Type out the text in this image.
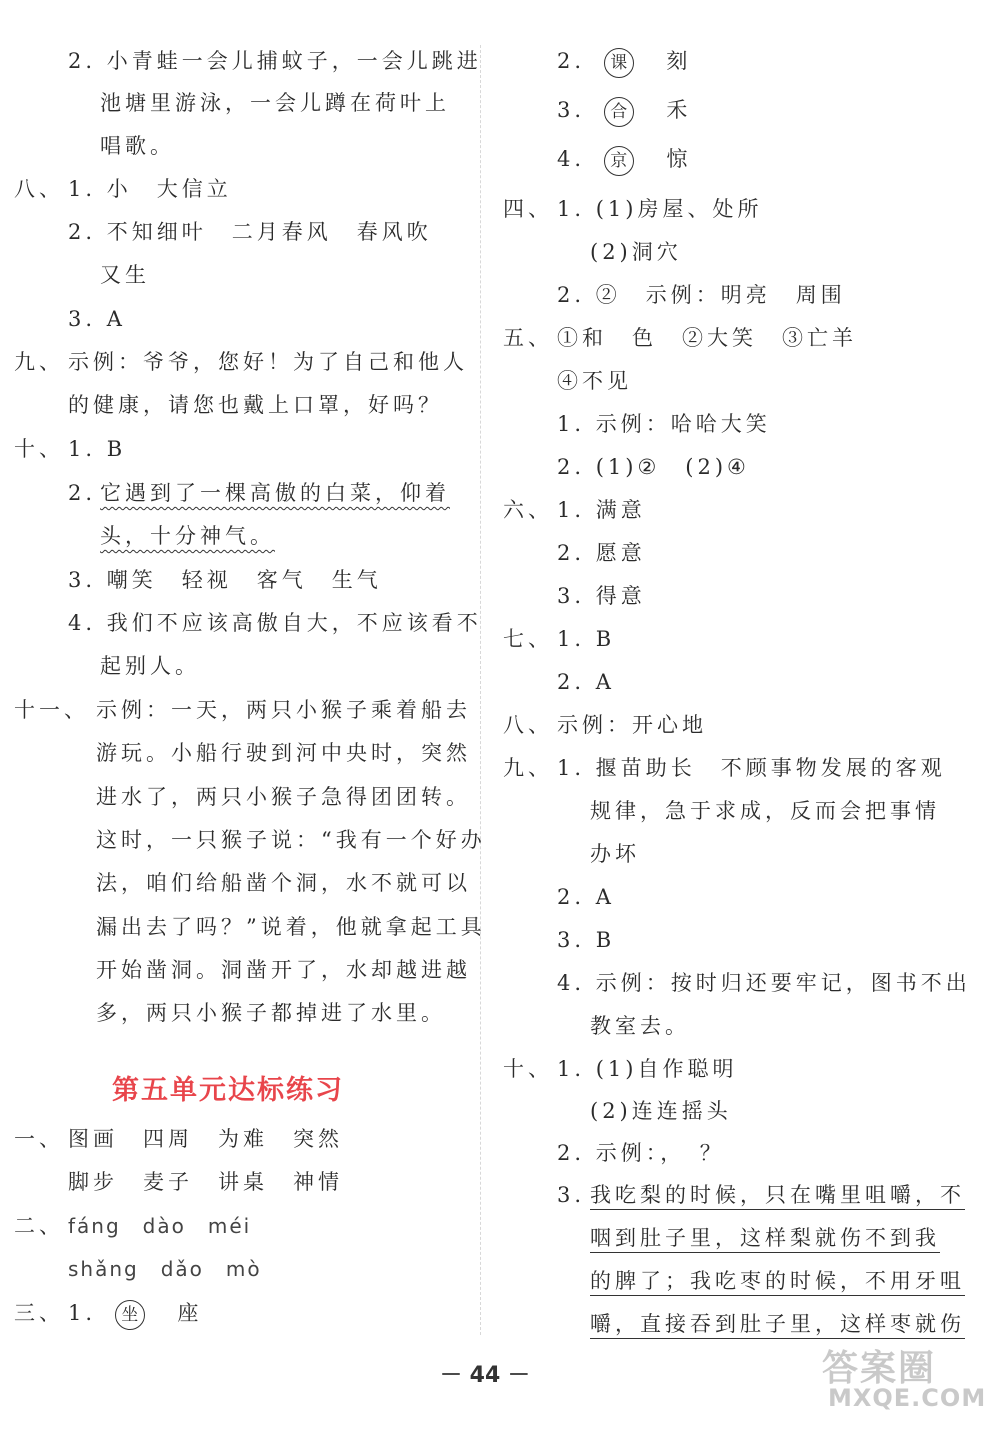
2. 小青蛙一会儿捕蚊子，一会儿跳进
池塘里游泳，一会儿蹲在荷叶上
唱歌。
八、 1. 小　大信立
2. 不知细叶　二月春风　春风吹
又生
3. A
九、 示例：爷爷，您好！为了自己和他人
的健康，请您也戴上口罩，好吗？
十、 1. B
2. 它遇到了一棵高傲的白菜，仰着
头，十分神气。
3. 嘲笑　轻视　客气　生气
4. 我们不应该高傲自大，不应该看不
起别人。
十一、 示例：一天，两只小猴子乘着船去
游玩。小船行驶到河中央时，突然
进水了，两只小猴子急得团团转。
这时，一只猴子说：“我有一个好办
法，咱们给船凿个洞，水不就可以
漏出去了吗？”说着，他就拿起工具
开始凿洞。洞凿开了，水却越进越
多，两只小猴子都掉进了水里。
第五单元达标练习
一、 图画　四周　为难　突然
脚步　麦子　讲桌　神情
二、 fáng　dào　méi
shǎng　dǎo　mò
三、 1. 坐 座
2. 课 刻
3. 合 禾
4. 京 惊
四、 1. (1)房屋、处所
(2)洞穴
2. ②　示例：明亮　周围
五、 ①和　色　②大笑　③亡羊
④不见
1. 示例：哈哈大笑
2. (1)②　(2)④
六、 1. 满意
2. 愿意
3. 得意
七、 1. B
2. A
八、 示例：开心地
九、 1. 揠苗助长　不顾事物发展的客观
规律，急于求成，反而会把事情
办坏
2. A
3. B
4. 示例：按时归还要牢记，图书不出
教室去。
十、 1. (1)自作聪明
(2)连连摇头
2. 示例：，　？
3. 我吃梨的时候，只在嘴里咀嚼，不
咽到肚子里，这样梨就伤不到我
的脾了；我吃枣的时候，不用牙咀
嚼，直接吞到肚子里，这样枣就伤
－ 44 －	答案圈
MXQE.COM
